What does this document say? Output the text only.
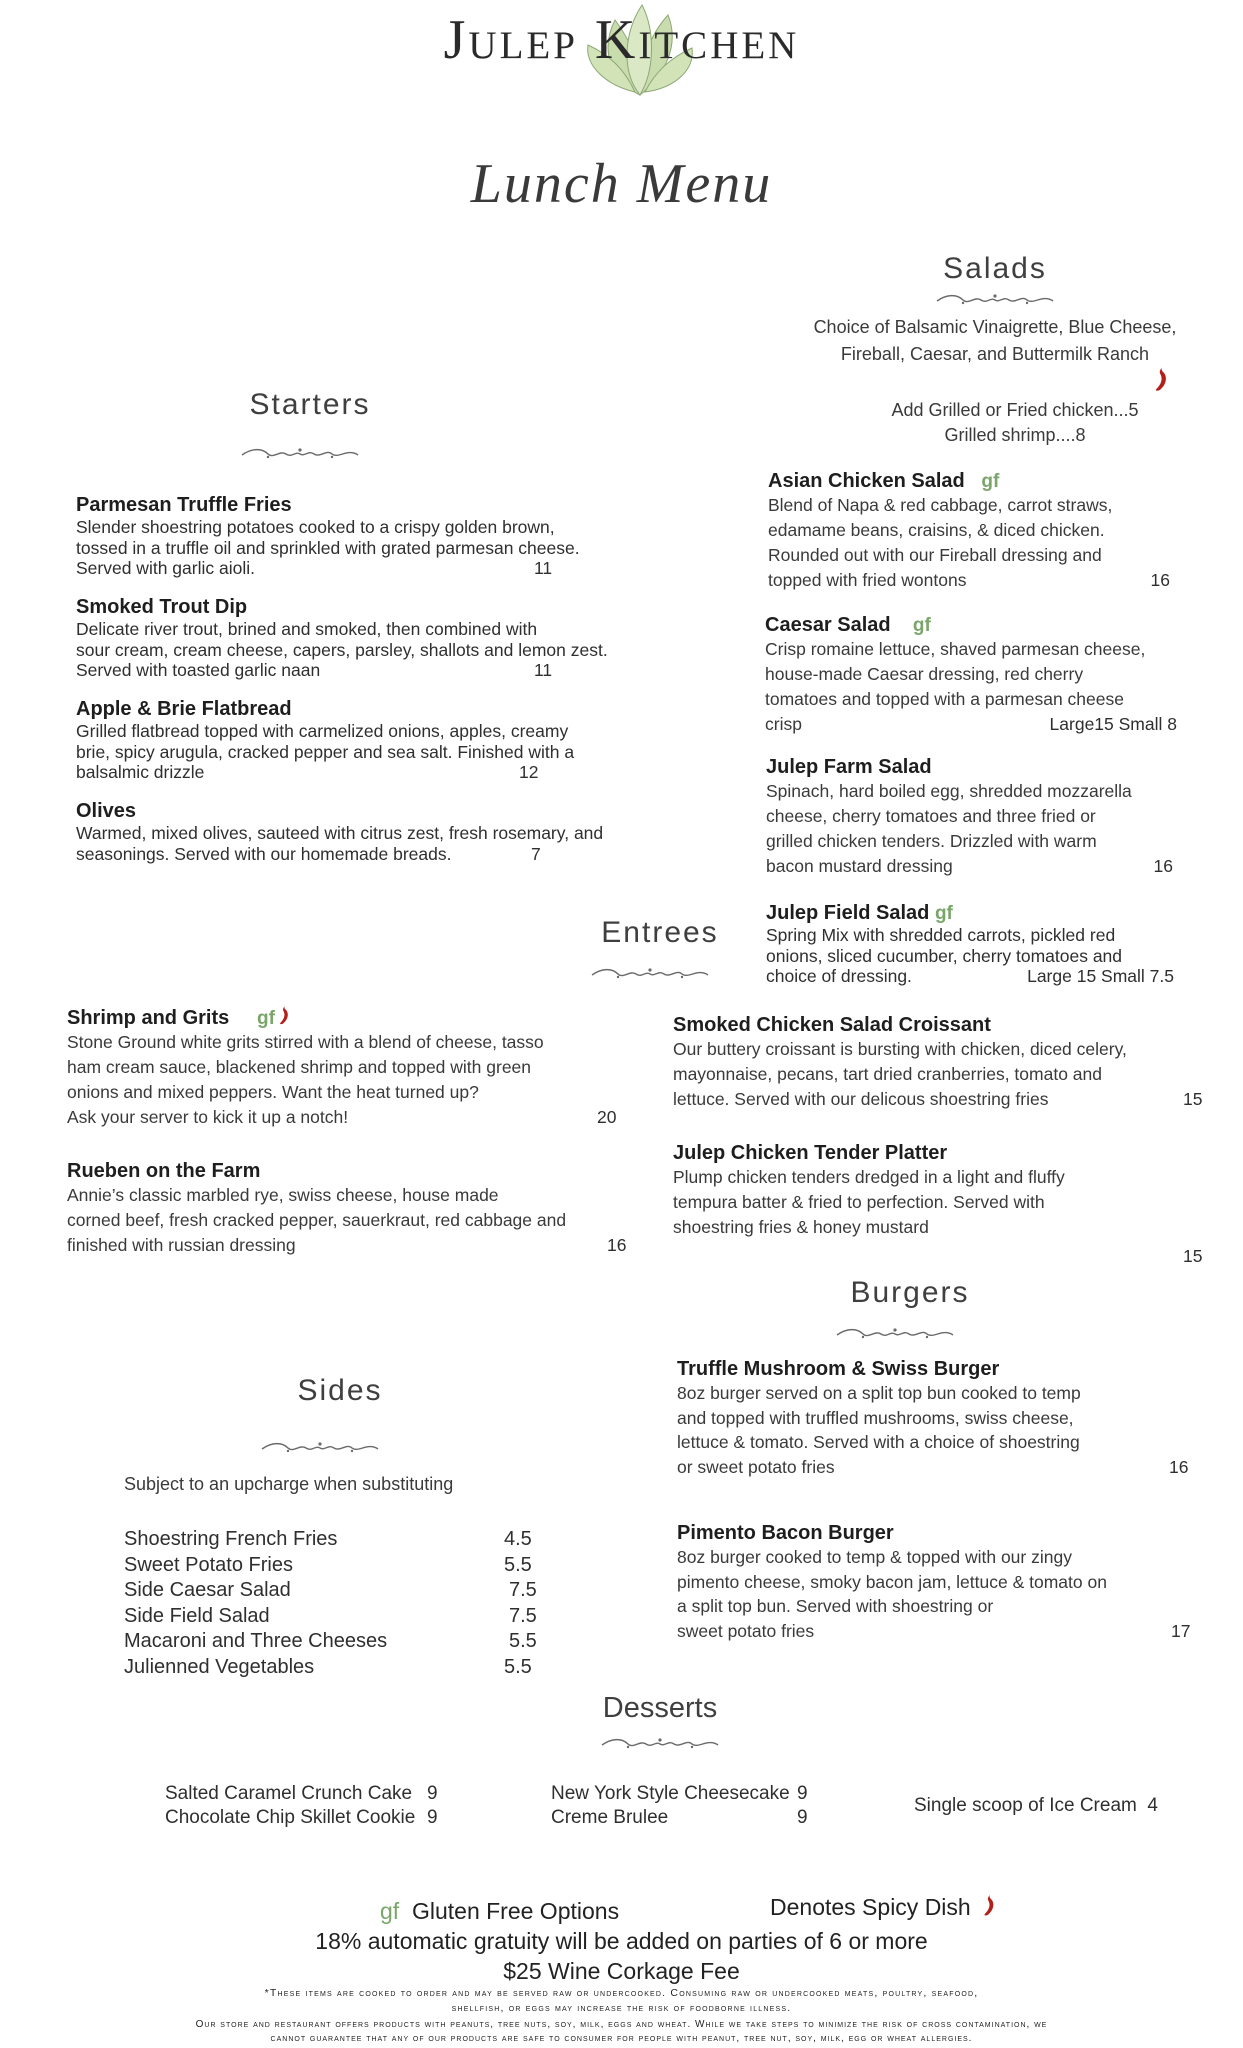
Julep Kitchen
Lunch Menu
Salads
Choice of Balsamic Vinaigrette, Blue Cheese,
Fireball, Caesar, and Buttermilk Ranch
Add Grilled or Fried chicken...5
Grilled shrimp....8
Asian Chicken Salad gf
Blend of Napa & red cabbage, carrot straws,
edamame beans, craisins, & diced chicken.
Rounded out with our Fireball dressing and
topped with fried wontons	16
Caesar Salad gf
Crisp romaine lettuce, shaved parmesan cheese,
house-made Caesar dressing, red cherry
tomatoes and topped with a parmesan cheese
crisp	Large15 Small 8
Julep Farm Salad
Spinach, hard boiled egg, shredded mozzarella
cheese, cherry tomatoes and three fried or
grilled chicken tenders. Drizzled with warm
bacon mustard dressing	16
Julep Field Salad gf
Spring Mix with shredded carrots, pickled red
onions, sliced cucumber, cherry tomatoes and
choice of dressing.	Large 15 Small 7.5
Starters
Parmesan Truffle Fries
Slender shoestring potatoes cooked to a crispy golden brown,
tossed in a truffle oil and sprinkled with grated parmesan cheese.
Served with garlic aioli.	11
Smoked Trout Dip
Delicate river trout, brined and smoked, then combined with
sour cream, cream cheese, capers, parsley, shallots and lemon zest.
Served with toasted garlic naan	11
Apple & Brie Flatbread
Grilled flatbread topped with carmelized onions, apples, creamy
brie, spicy arugula, cracked pepper and sea salt. Finished with a
balsalmic drizzle	12
Olives
Warmed, mixed olives, sauteed with citrus zest, fresh rosemary, and
seasonings. Served with our homemade breads.	7
Entrees
Shrimp and Grits gf
Stone Ground white grits stirred with a blend of cheese, tasso
ham cream sauce, blackened shrimp and topped with green
onions and mixed peppers. Want the heat turned up?
Ask your server to kick it up a notch!	20
Rueben on the Farm
Annie’s classic marbled rye, swiss cheese, house made
corned beef, fresh cracked pepper, sauerkraut, red cabbage and
finished with russian dressing	16
Smoked Chicken Salad Croissant
Our buttery croissant is bursting with chicken, diced celery,
mayonnaise, pecans, tart dried cranberries, tomato and
lettuce. Served with our delicous shoestring fries	15
Julep Chicken Tender Platter
Plump chicken tenders dredged in a light and fluffy
tempura batter & fried to perfection. Served with
shoestring fries & honey mustard
15
Burgers
Truffle Mushroom & Swiss Burger
8oz burger served on a split top bun cooked to temp
and topped with truffled mushrooms, swiss cheese,
lettuce & tomato. Served with a choice of shoestring
or sweet potato fries	16
Pimento Bacon Burger
8oz burger cooked to temp & topped with our zingy
pimento cheese, smoky bacon jam, lettuce & tomato on
a split top bun. Served with shoestring or
sweet potato fries	17
Sides
Subject to an upcharge when substituting
Shoestring French Fries	4.5
Sweet Potato Fries	5.5
Side Caesar Salad	7.5
Side Field Salad	7.5
Macaroni and Three Cheeses	5.5
Julienned Vegetables	5.5
Desserts
Salted Caramel Crunch Cake 9
Chocolate Chip Skillet Cookie 9
New York Style Cheesecake 9
Creme Brulee	9
Single scoop of Ice Cream 4
gf Gluten Free Options	Denotes Spicy Dish
18% automatic gratuity will be added on parties of 6 or more
$25 Wine Corkage Fee
*These items are cooked to order and may be served raw or undercooked. Consuming raw or undercooked meats, poultry, seafood,
shellfish, or eggs may increase the risk of foodborne illness.
Our store and restaurant offers products with peanuts, tree nuts, soy, milk, eggs and wheat. While we take steps to minimize the risk of cross contamination, we
cannot guarantee that any of our products are safe to consumer for people with peanut, tree nut, soy, milk, egg or wheat allergies.
